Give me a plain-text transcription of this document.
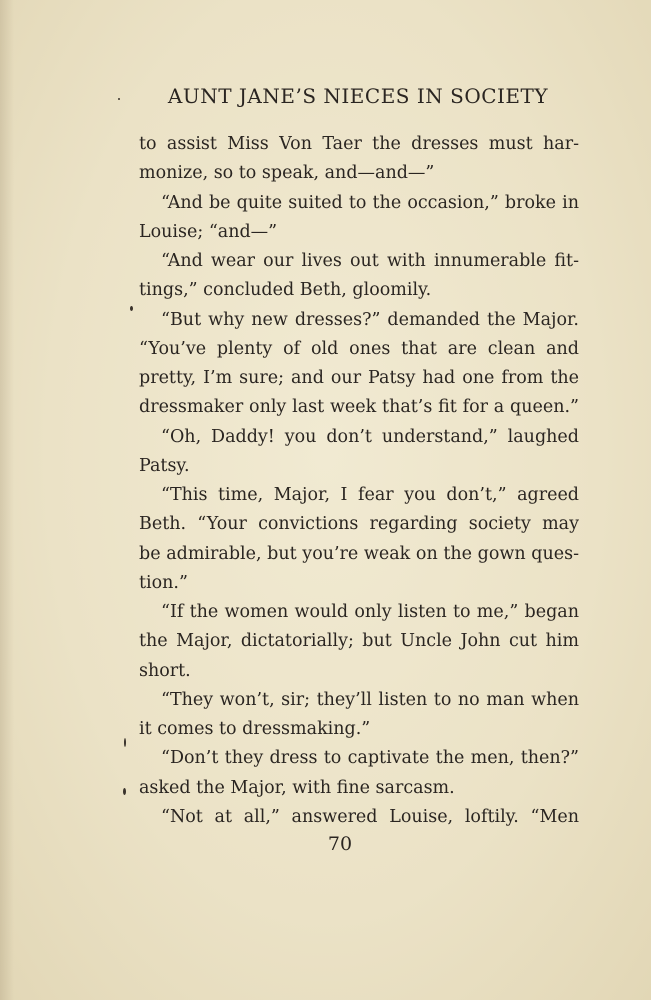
AUNT JANE’S NIECES IN SOCIETY
to assist Miss Von Taer the dresses must har-
monize, so to speak, and—and—”
“And be quite suited to the occasion,” broke in
Louise; “and—”
“And wear our lives out with innumerable fit-
tings,” concluded Beth, gloomily.
“But why new dresses?” demanded the Major.
“You’ve plenty of old ones that are clean and
pretty, I’m sure; and our Patsy had one from the
dressmaker only last week that’s fit for a queen.”
“Oh, Daddy! you don’t understand,” laughed
Patsy.
“This time, Major, I fear you don’t,” agreed
Beth. “Your convictions regarding society may
be admirable, but you’re weak on the gown ques-
tion.”
“If the women would only listen to me,” began
the Major, dictatorially; but Uncle John cut him
short.
“They won’t, sir; they’ll listen to no man when
it comes to dressmaking.”
“Don’t they dress to captivate the men, then?”
asked the Major, with fine sarcasm.
“Not at all,” answered Louise, loftily. “Men
70
